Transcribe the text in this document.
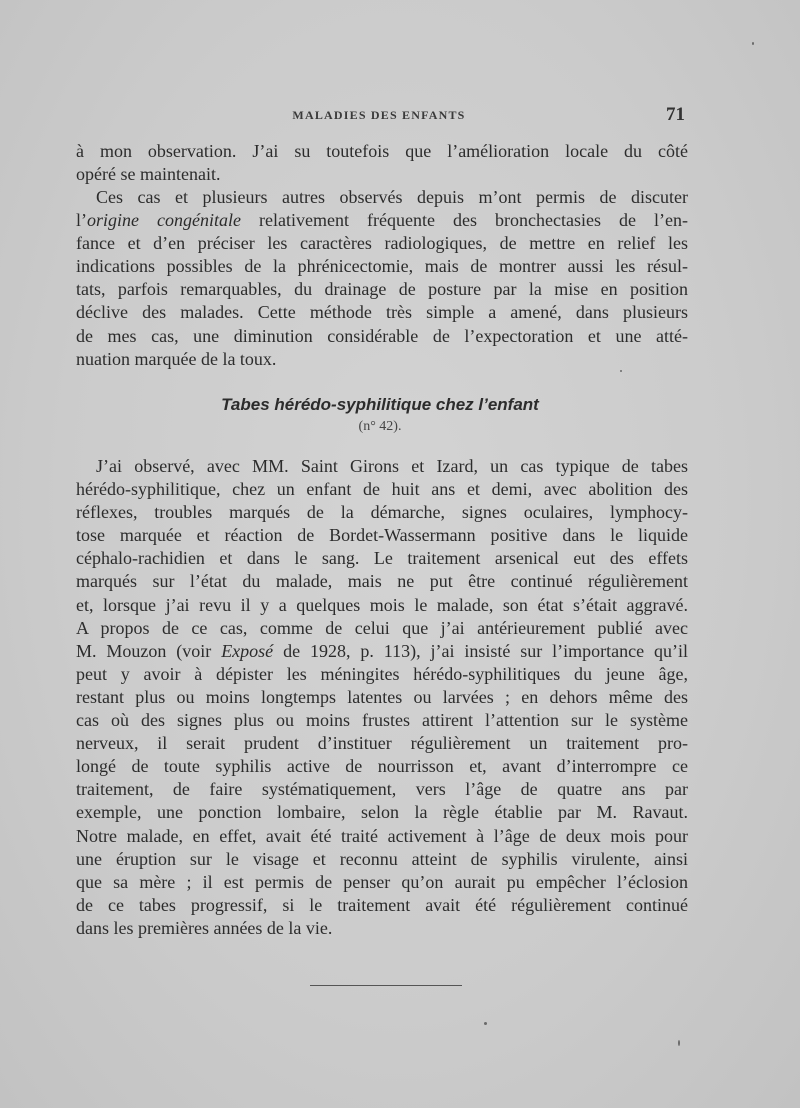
MALADIES DES ENFANTS	71
à mon observation. J’ai su toutefois que l’amélioration locale du côté
opéré se maintenait.
Ces cas et plusieurs autres observés depuis m’ont permis de discuter
l’origine congénitale relativement fréquente des bronchectasies de l’en-
fance et d’en préciser les caractères radiologiques, de mettre en relief les
indications possibles de la phrénicectomie, mais de montrer aussi les résul-
tats, parfois remarquables, du drainage de posture par la mise en position
déclive des malades. Cette méthode très simple a amené, dans plusieurs
de mes cas, une diminution considérable de l’expectoration et une atté-
nuation marquée de la toux.
Tabes hérédo-syphilitique chez l’enfant
(n° 42).
J’ai observé, avec MM. Saint Girons et Izard, un cas typique de tabes
hérédo-syphilitique, chez un enfant de huit ans et demi, avec abolition des
réflexes, troubles marqués de la démarche, signes oculaires, lymphocy-
tose marquée et réaction de Bordet-Wassermann positive dans le liquide
céphalo-rachidien et dans le sang. Le traitement arsenical eut des effets
marqués sur l’état du malade, mais ne put être continué régulièrement
et, lorsque j’ai revu il y a quelques mois le malade, son état s’était aggravé.
A propos de ce cas, comme de celui que j’ai antérieurement publié avec
M. Mouzon (voir Exposé de 1928, p. 113), j’ai insisté sur l’importance qu’il
peut y avoir à dépister les méningites hérédo-syphilitiques du jeune âge,
restant plus ou moins longtemps latentes ou larvées ; en dehors même des
cas où des signes plus ou moins frustes attirent l’attention sur le système
nerveux, il serait prudent d’instituer régulièrement un traitement pro-
longé de toute syphilis active de nourrisson et, avant d’interrompre ce
traitement, de faire systématiquement, vers l’âge de quatre ans par
exemple, une ponction lombaire, selon la règle établie par M. Ravaut.
Notre malade, en effet, avait été traité activement à l’âge de deux mois pour
une éruption sur le visage et reconnu atteint de syphilis virulente, ainsi
que sa mère ; il est permis de penser qu’on aurait pu empêcher l’éclosion
de ce tabes progressif, si le traitement avait été régulièrement continué
dans les premières années de la vie.
